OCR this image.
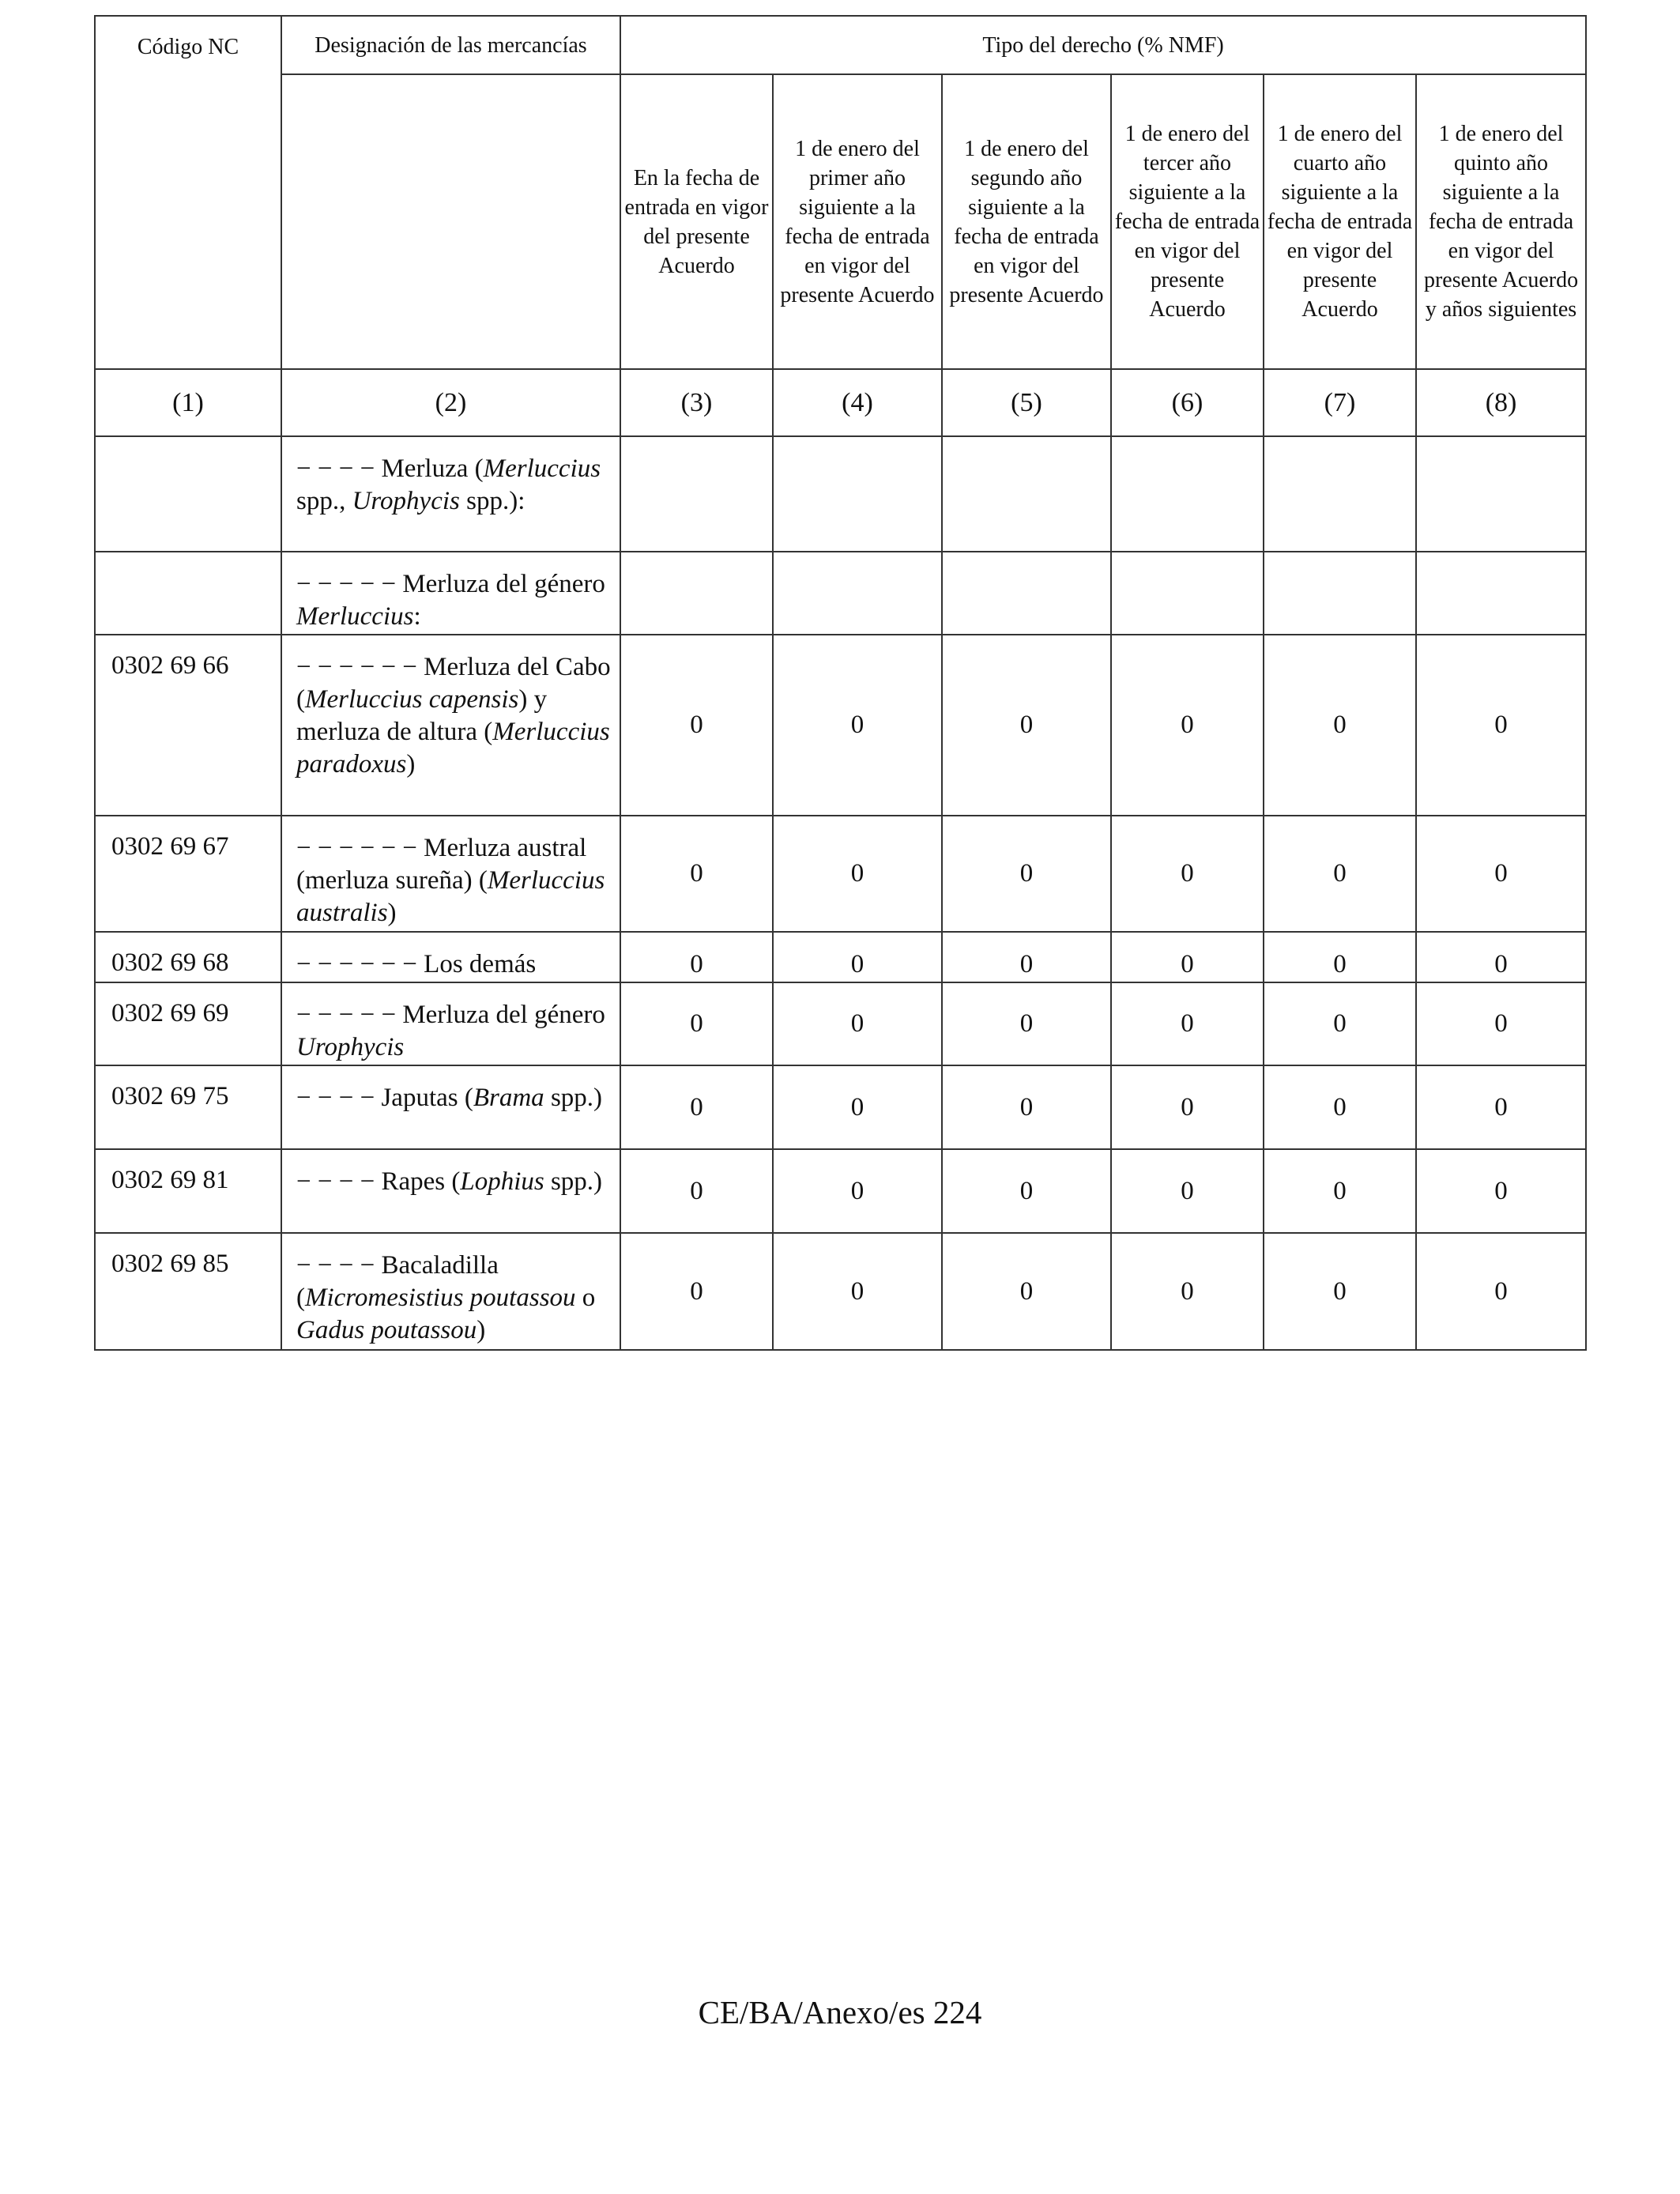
Código NC	Designación de las mercancías	Tipo del derecho (% NMF)					
		En la fecha de entrada en vigor del presente Acuerdo	1 de enero del primer año siguiente a la fecha de entrada en vigor del presente Acuerdo	1 de enero del segundo año siguiente a la fecha de entrada en vigor del presente Acuerdo	1 de enero del tercer año siguiente a la fecha de entrada en vigor del presente Acuerdo	1 de enero del cuarto año siguiente a la fecha de entrada en vigor del presente Acuerdo	1 de enero del quinto año siguiente a la fecha de entrada en vigor del presente Acuerdo y años siguientes
(1)	(2)	(3)	(4)	(5)	(6)	(7)	(8)
	− − − − Merluza (Merluccius spp., Urophycis spp.):						
	− − − − − Merluza del género Merluccius:						
0302 69 66	− − − − − − Merluza del Cabo (Merluccius capensis) y merluza de altura (Merluccius paradoxus)	0	0	0	0	0	0
0302 69 67	− − − − − − Merluza austral (merluza sureña) (Merluccius australis)	0	0	0	0	0	0
0302 69 68	− − − − − − Los demás	0	0	0	0	0	0
0302 69 69	− − − − − Merluza del género Urophycis	0	0	0	0	0	0
0302 69 75	− − − − Japutas (Brama spp.)	0	0	0	0	0	0
0302 69 81	− − − − Rapes (Lophius spp.)	0	0	0	0	0	0
0302 69 85	− − − − Bacaladilla (Micromesistius poutassou o Gadus poutassou)	0	0	0	0	0	0
CE/BA/Anexo/es 224
